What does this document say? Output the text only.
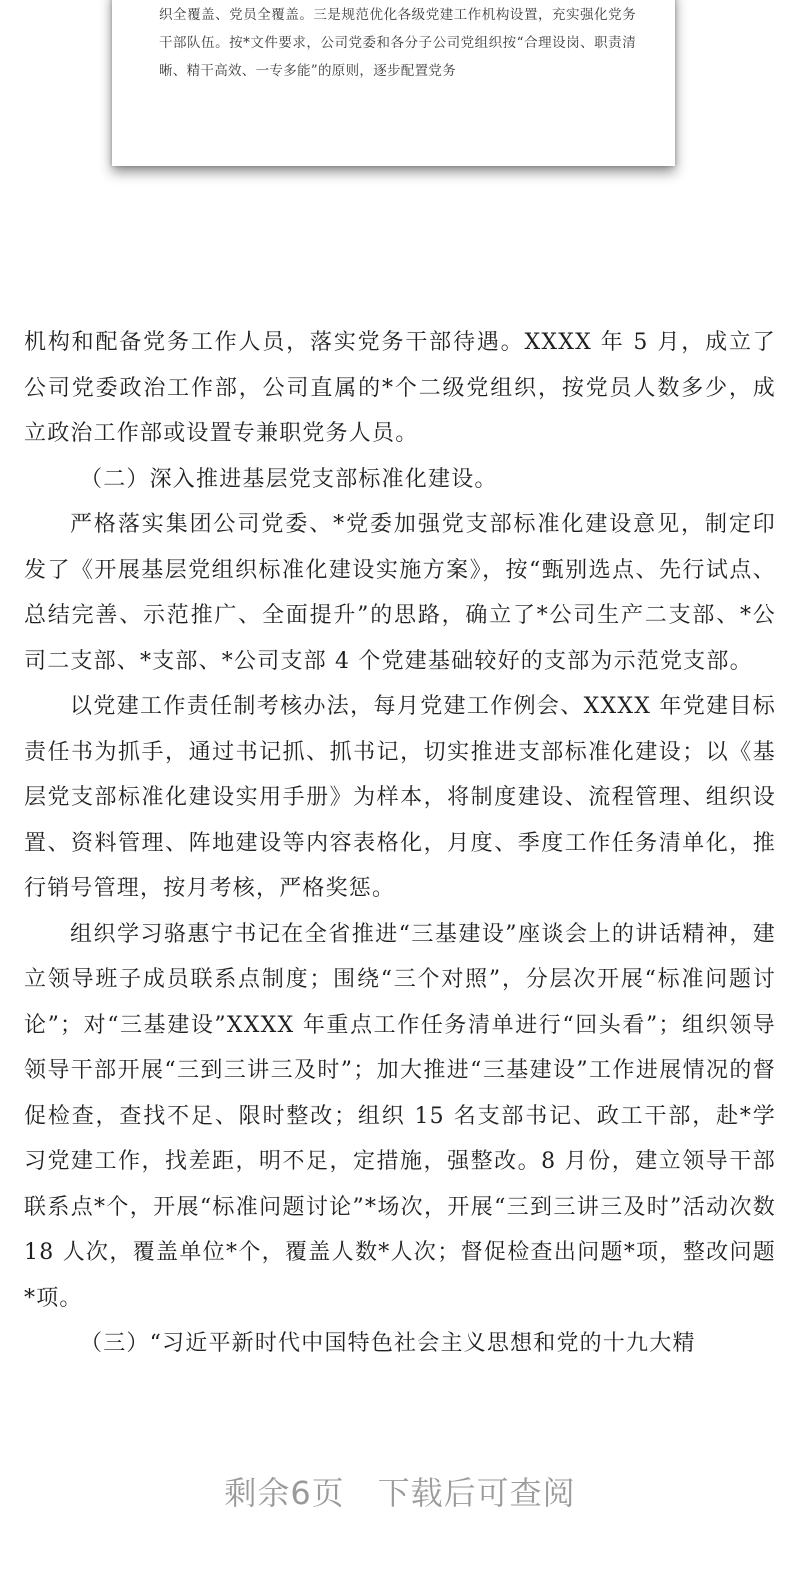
织全覆盖、党员全覆盖。三是规范优化各级党建工作机构设置，充实强化党务干部队伍。按*文件要求，公司党委和各分子公司党组织按“合理设岗、职责清晰、精干高效、一专多能”的原则，逐步配置党务

机构和配备党务工作人员，落实党务干部待遇。XXXX 年 5 月，成立了公司党委政治工作部，公司直属的*个二级党组织，按党员人数多少，成立政治工作部或设置专兼职党务人员。

（二）深入推进基层党支部标准化建设。

严格落实集团公司党委、*党委加强党支部标准化建设意见，制定印发了《开展基层党组织标准化建设实施方案》，按“甄别选点、先行试点、总结完善、示范推广、全面提升”的思路，确立了*公司生产二支部、*公司二支部、*支部、*公司支部 4 个党建基础较好的支部为示范党支部。

以党建工作责任制考核办法，每月党建工作例会、XXXX 年党建目标责任书为抓手，通过书记抓、抓书记，切实推进支部标准化建设；以《基层党支部标准化建设实用手册》为样本，将制度建设、流程管理、组织设置、资料管理、阵地建设等内容表格化，月度、季度工作任务清单化，推行销号管理，按月考核，严格奖惩。

组织学习骆惠宁书记在全省推进“三基建设”座谈会上的讲话精神，建立领导班子成员联系点制度；围绕“三个对照”，分层次开展“标准问题讨论”；对“三基建设”XXXX 年重点工作任务清单进行“回头看”；组织领导领导干部开展“三到三讲三及时”；加大推进“三基建设”工作进展情况的督促检查，查找不足、限时整改；组织 15 名支部书记、政工干部，赴*学习党建工作，找差距，明不足，定措施，强整改。8 月份，建立领导干部联系点*个，开展“标准问题讨论”*场次，开展“三到三讲三及时”活动次数 18 人次，覆盖单位*个，覆盖人数*人次；督促检查出问题*项，整改问题*项。

（三）“习近平新时代中国特色社会主义思想和党的十九大精

剩余6页　下载后可查阅
